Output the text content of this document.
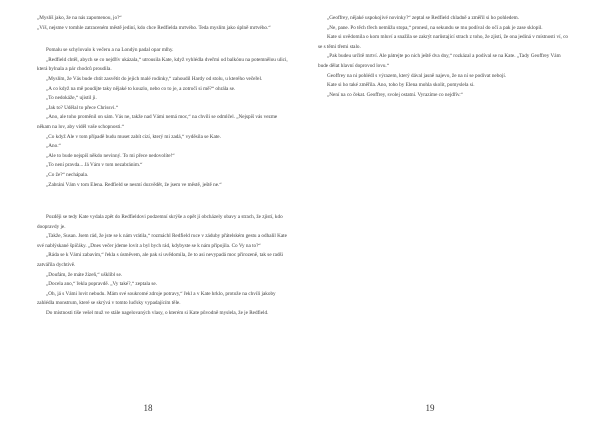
„Myslíš jako, že na nás zapomenou, jo?“

„Víš, nejsme v tomhle zatraceném městě jediní, kdo chce Redfielda mrtvého. Teda myslím jako úplně mrtvého.“

Pomalu se schylovalo k večeru a na Londýn padal opar mlhy.

„Redfield chtěl, abych se co nejdřív ukázala,“ utrousila Kate, když vyhlédla dveřmi od balkónu na potemnělou ulici, která bylnala a pár chodců proudila.

„Myslím, že Vás bude chtít zasvětit do jejich malé rodinky,“ zahoudil Hardy od stolu, u kterého večeřel.

„A co když na mě poudijte taky nějaké to kouzlo, nebo co to je, a zotročí si mě?“ ohrála se.

„To nedokáže,“ ujistil ji.

„Jak to? Udělal to přece Chrissvi.“

„Ano, ale toho proměnil on sám. Vás ne, takže nad Vámi nemá moc,“ na chvíli se odmlčel. „Nejspíš vás vezme někam na lov, aby viděl vaše schopnosti.“

„Co když Ale v tom případě budu muset zabít cizí, který mi zadá,“ vyděsila se Kate.

„Ano.“

„Ale to bude nejspíš někdo nevinný. To mi přece nedovolíte!“

„To není pravda... Já Vám v tom nezabránim.“

„Co že?“ nechápala.

„Zabráni Vám v tom Elena. Redfield se nesmí dozvědět, že jsem ve městě, ještě ne.“

Později se tedy Kate vydala zpět do Redfieldovi podzemní skrýše a opět jí obcházely obavy a strach, že zjistí, kdo doopravdy je.

„Takže, Susan. Jsem rád, že jste se k nám vrátila,“ rozmáchl Redfield ruce v záduby přátelském gestu a odhalil Kate své nablýskané špičáky. „Dnes večer jdeme lovit a byl bych rád, kdybyste se k nám připojila. Co Vy na to?“

„Ráda se k Vámi zabavím,“ řekla s úsměvem, ale pak si uvědomila, že to asi nevypadá moc přirozeně, tak se radši zatvářila dychtivě.

„Doufám, že máte žízeň,“ ušklíbl se.

„Docela ano,“ řekla popravdě. „Vy také?,“ zeptala se.

„Oh, já s Vámi lovit nebudu. Mám své soukromé zdroje potravy,“ řekl a v Kate hrklo, protože na chvíli jakoby zahlédla monstrum, které se skrývá v tomto luďsky vypadajícím těle.

Do místnosti tiše vešel muž ve stále nagelovaných vlasy, o kterém si Kate původně myslela, že je Redfield.

18

„Geoffrey, nějaké uspokojivé novinky?“ zeptal se Redfield chladně a změřil si ho pohledem.

„Ne, pane. Po těch třech nemůžu stopa,“ pronesl, na sekundu se mu podíval do očí a pak je zase sklopil.

Kate si uvědomila o kom mluví a snažila se zakrýt narůstající strach z toho, že zjistí, že ona jediná v místnosti ví, co se s těmi třemi stalo.

„Pak budeu určitě mrtví. Ale pátrejte po nich ještě dva dny,“ rozkázal a podíval se na Kate. „Tady Geoffrey Vám bude dělat hlavní doprovod lovu.“

Geoffrey na ni pohlédl s výrazem, který dával jasně najevo, že na ní se podívat nebojí.

Kate si ho také změřila. Ano, toho by Elena mohla skolit, pomyslela si.

„Není na co čekat. Geoffrey, svolej ostatní. Vyrazíme co nejdřív.“

19
